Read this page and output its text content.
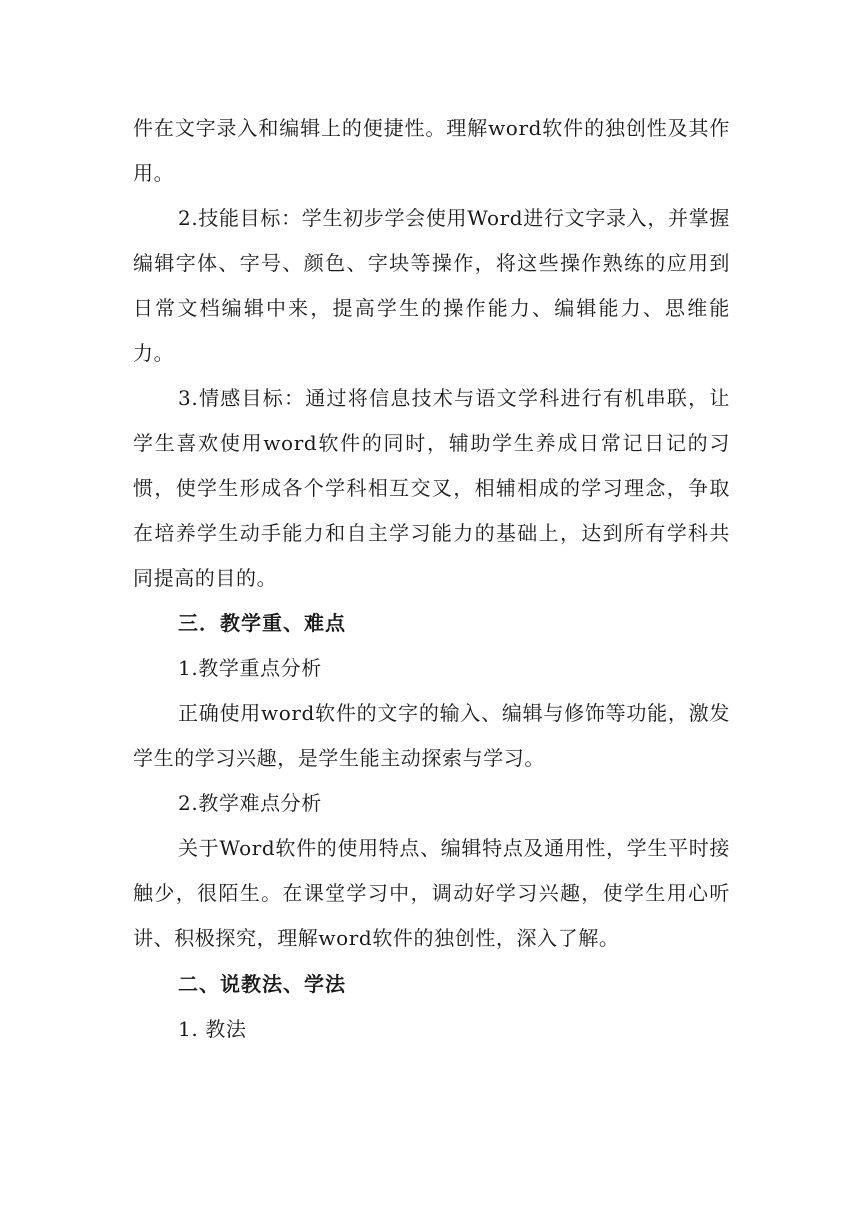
件在文字录入和编辑上的便捷性。理解word软件的独创性及其作用。

2.技能目标：学生初步学会使用Word进行文字录入，并掌握编辑字体、字号、颜色、字块等操作，将这些操作熟练的应用到日常文档编辑中来，提高学生的操作能力、编辑能力、思维能力。

3.情感目标：通过将信息技术与语文学科进行有机串联，让学生喜欢使用word软件的同时，辅助学生养成日常记日记的习惯，使学生形成各个学科相互交叉，相辅相成的学习理念，争取在培养学生动手能力和自主学习能力的基础上，达到所有学科共同提高的目的。

三．教学重、难点

1.教学重点分析

正确使用word软件的文字的输入、编辑与修饰等功能，激发学生的学习兴趣，是学生能主动探索与学习。

2.教学难点分析

关于Word软件的使用特点、编辑特点及通用性，学生平时接触少，很陌生。在课堂学习中，调动好学习兴趣，使学生用心听讲、积极探究，理解word软件的独创性，深入了解。

二、说教法、学法

1. 教法
